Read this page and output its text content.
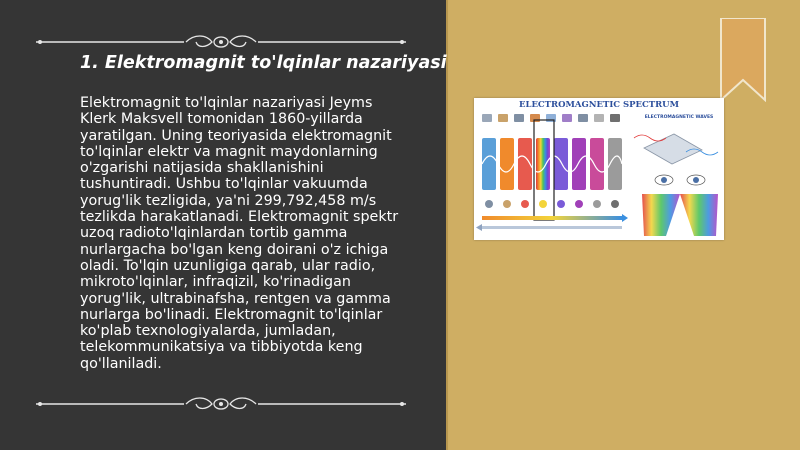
1. Elektromagnit to'lqinlar nazariyasi
Elektromagnit to'lqinlar nazariyasi Jeyms Klerk Maksvell tomonidan 1860-yillarda yaratilgan. Uning teoriyasida elektromagnit to'lqinlar elektr va magnit maydonlarning o'zgarishi natijasida shakllanishini tushuntiradi. Ushbu to'lqinlar vakuumda yorug'lik tezligida, ya'ni 299,792,458 m/s tezlikda harakatlanadi. Elektromagnit spektr uzoq radioto'lqinlardan tortib gamma nurlargacha bo'lgan keng doirani o'z ichiga oladi. To'lqin uzunligiga qarab, ular radio, mikroto'lqinlar, infraqizil, ko'rinadigan yorug'lik, ultrabinafsha, rentgen va gamma nurlarga bo'linadi. Elektromagnit to'lqinlar ko'plab texnologiyalarda, jumladan, telekommunikatsiya va tibbiyotda keng qo'llaniladi.
ELECTROMAGNETIC SPECTRUM
ELECTROMAGNETIC WAVES
